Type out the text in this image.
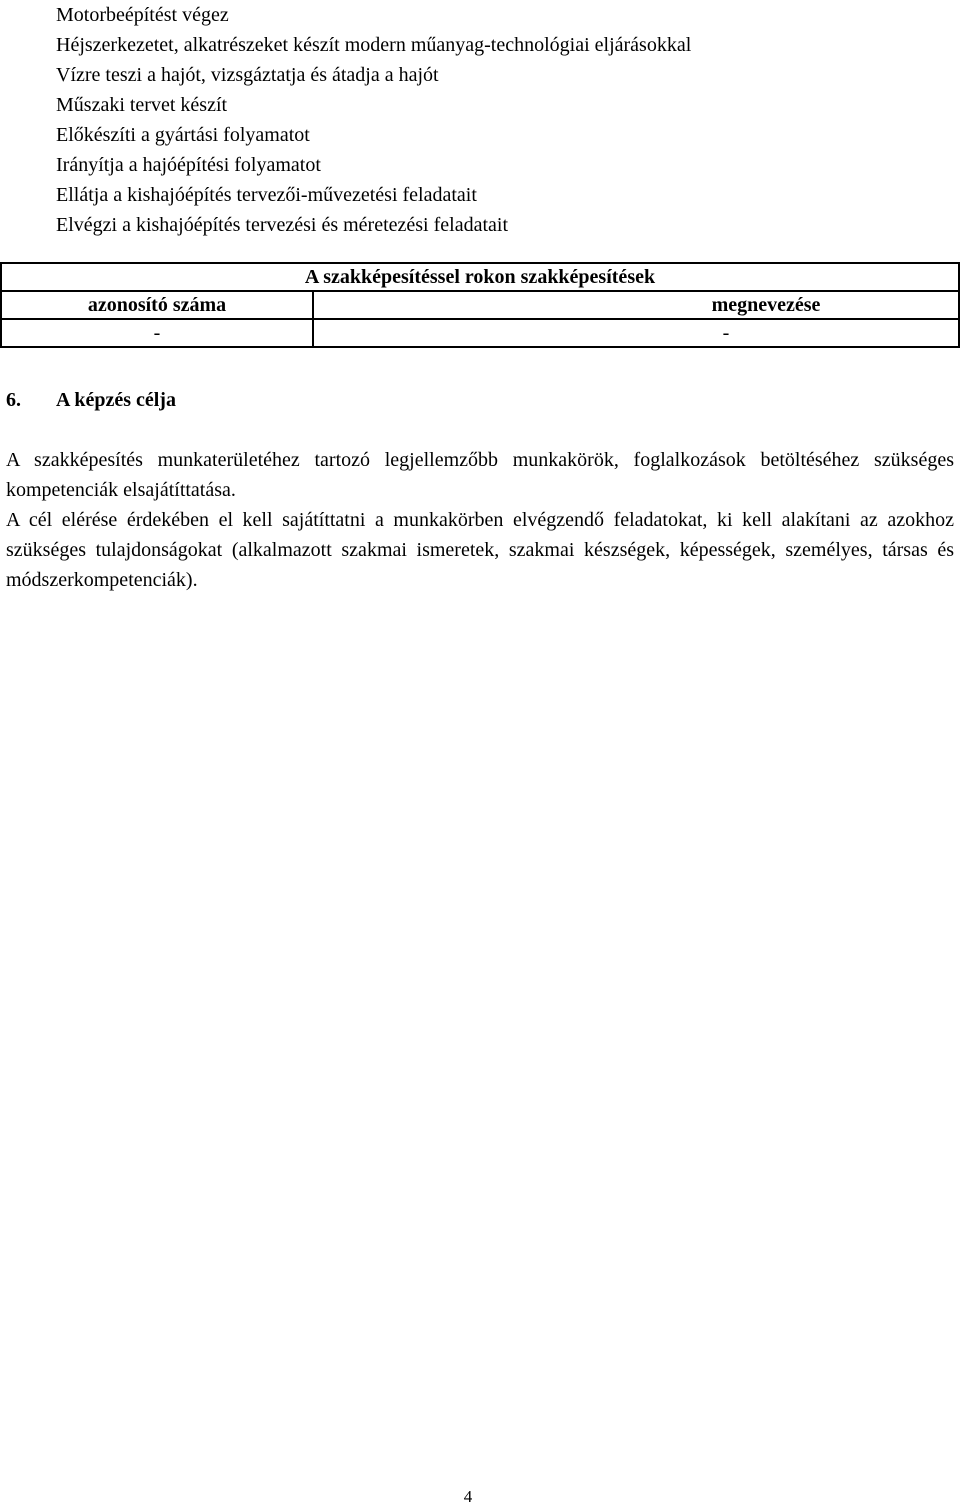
Motorbeépítést végez
Héjszerkezetet, alkatrészeket készít modern műanyag-technológiai eljárásokkal
Vízre teszi a hajót, vizsgáztatja és átadja a hajót
Műszaki tervet készít
Előkészíti a gyártási folyamatot
Irányítja a hajóépítési folyamatot
Ellátja a kishajóépítés tervezői-művezetési feladatait
Elvégzi a kishajóépítés tervezési és méretezési feladatait
A szakképesítéssel rokon szakképesítések	
azonosító száma	megnevezése
-	-
6. A képzés célja

A szakképesítés munkaterületéhez tartozó legjellemzőbb munkakörök, foglalkozások betöltéséhez szükséges kompetenciák elsajátíttatása.

A cél elérése érdekében el kell sajátíttatni a munkakörben elvégzendő feladatokat, ki kell alakítani az azokhoz szükséges tulajdonságokat (alkalmazott szakmai ismeretek, szakmai készségek, képességek, személyes, társas és módszerkompetenciák).

4
